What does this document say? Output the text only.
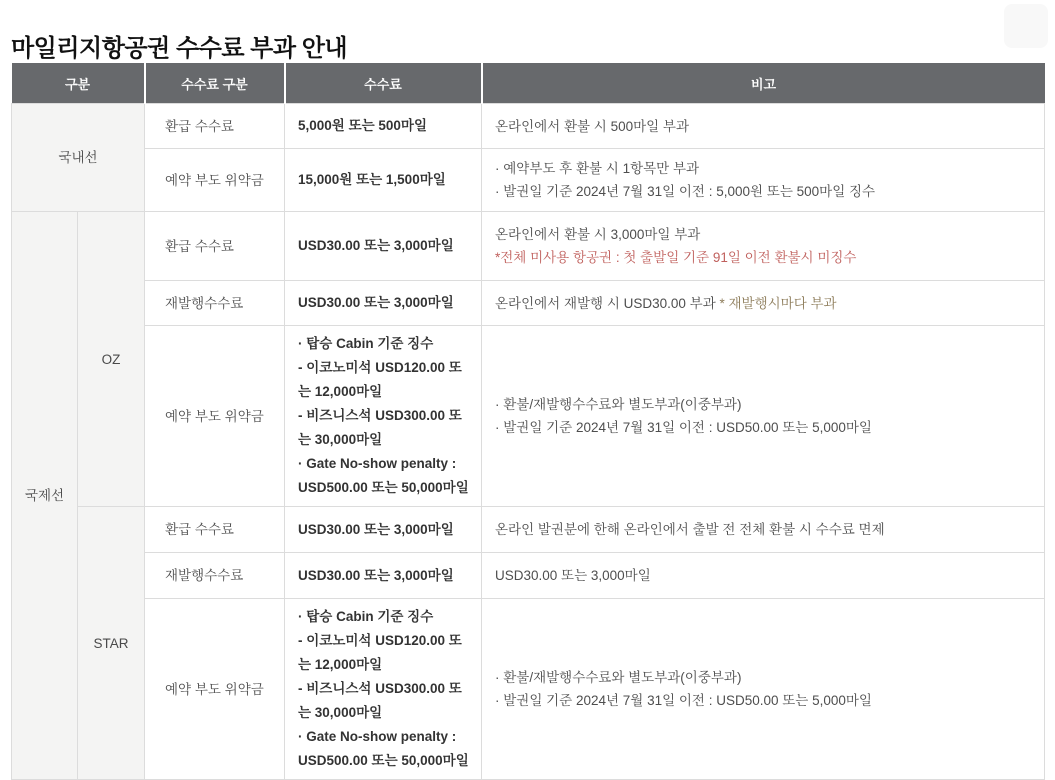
마일리지항공권 수수료 부과 안내
구분		수수료 구분	수수료	비고
국내선		환급 수수료	5,000원 또는 500마일	온라인에서 환불 시 500마일 부과

		예약 부도 위약금	15,000원 또는 1,500마일	· 예약부도 후 환불 시 1항목만 부과
· 발권일 기준 2024년 7월 31일 이전 : 5,000원 또는 500마일 징수

국제선	OZ	환급 수수료	USD30.00 또는 3,000마일	온라인에서 환불 시 3,000마일 부과
*전체 미사용 항공권 : 첫 출발일 기준 91일 이전 환불시 미징수

		재발행수수료	USD30.00 또는 3,000마일	온라인에서 재발행 시 USD30.00 부과 * 재발행시마다 부과
		예약 부도 위약금	· 탑승 Cabin 기준 징수
- 이코노미석 USD120.00 또는 12,000마일
- 비즈니스석 USD300.00 또는 30,000마일
· Gate No-show penalty : USD500.00 또는 50,000마일	· 환불/재발행수수료와 별도부과(이중부과)
· 발권일 기준 2024년 7월 31일 이전 : USD50.00 또는 5,000마일

	STAR	환급 수수료	USD30.00 또는 3,000마일	온라인 발권분에 한해 온라인에서 출발 전 전체 환불 시 수수료 면제

		재발행수수료	USD30.00 또는 3,000마일	USD30.00 또는 3,000마일

		예약 부도 위약금	· 탑승 Cabin 기준 징수
- 이코노미석 USD120.00 또는 12,000마일
- 비즈니스석 USD300.00 또는 30,000마일
· Gate No-show penalty : USD500.00 또는 50,000마일	· 환불/재발행수수료와 별도부과(이중부과)
· 발권일 기준 2024년 7월 31일 이전 : USD50.00 또는 5,000마일
